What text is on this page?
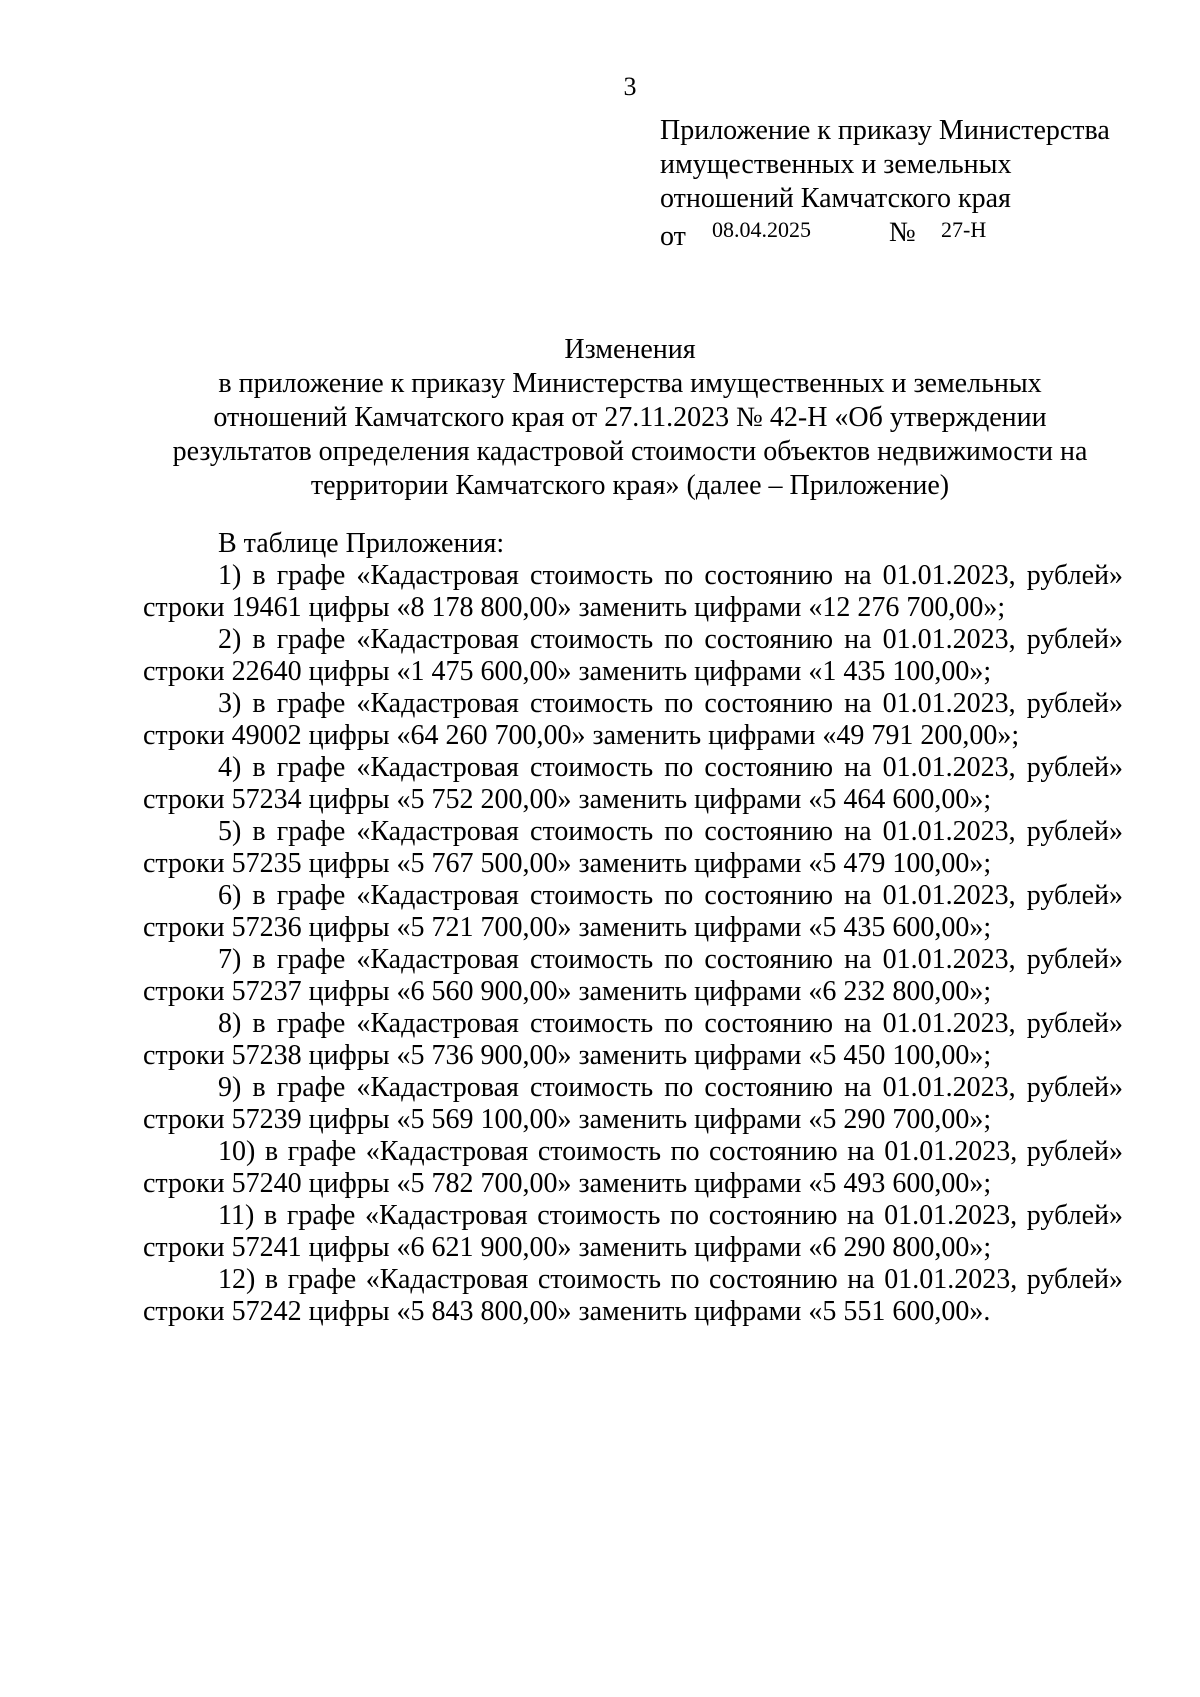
3
Приложение к приказу Министерства
имущественных и земельных
отношений Камчатского края
от 08.04.2025	№ 27-Н
Изменения
в приложение к приказу Министерства имущественных и земельных
отношений Камчатского края от 27.11.2023 № 42-Н «Об утверждении
результатов определения кадастровой стоимости объектов недвижимости на
территории Камчатского края» (далее – Приложение)
В таблице Приложения:
1) в графе «Кадастровая стоимость по состоянию на 01.01.2023, рублей»
строки 19461 цифры «8 178 800,00» заменить цифрами «12 276 700,00»;
2) в графе «Кадастровая стоимость по состоянию на 01.01.2023, рублей»
строки 22640 цифры «1 475 600,00» заменить цифрами «1 435 100,00»;
3) в графе «Кадастровая стоимость по состоянию на 01.01.2023, рублей»
строки 49002 цифры «64 260 700,00» заменить цифрами «49 791 200,00»;
4) в графе «Кадастровая стоимость по состоянию на 01.01.2023, рублей»
строки 57234 цифры «5 752 200,00» заменить цифрами «5 464 600,00»;
5) в графе «Кадастровая стоимость по состоянию на 01.01.2023, рублей»
строки 57235 цифры «5 767 500,00» заменить цифрами «5 479 100,00»;
6) в графе «Кадастровая стоимость по состоянию на 01.01.2023, рублей»
строки 57236 цифры «5 721 700,00» заменить цифрами «5 435 600,00»;
7) в графе «Кадастровая стоимость по состоянию на 01.01.2023, рублей»
строки 57237 цифры «6 560 900,00» заменить цифрами «6 232 800,00»;
8) в графе «Кадастровая стоимость по состоянию на 01.01.2023, рублей»
строки 57238 цифры «5 736 900,00» заменить цифрами «5 450 100,00»;
9) в графе «Кадастровая стоимость по состоянию на 01.01.2023, рублей»
строки 57239 цифры «5 569 100,00» заменить цифрами «5 290 700,00»;
10) в графе «Кадастровая стоимость по состоянию на 01.01.2023, рублей»
строки 57240 цифры «5 782 700,00» заменить цифрами «5 493 600,00»;
11) в графе «Кадастровая стоимость по состоянию на 01.01.2023, рублей»
строки 57241 цифры «6 621 900,00» заменить цифрами «6 290 800,00»;
12) в графе «Кадастровая стоимость по состоянию на 01.01.2023, рублей»
строки 57242 цифры «5 843 800,00» заменить цифрами «5 551 600,00».
